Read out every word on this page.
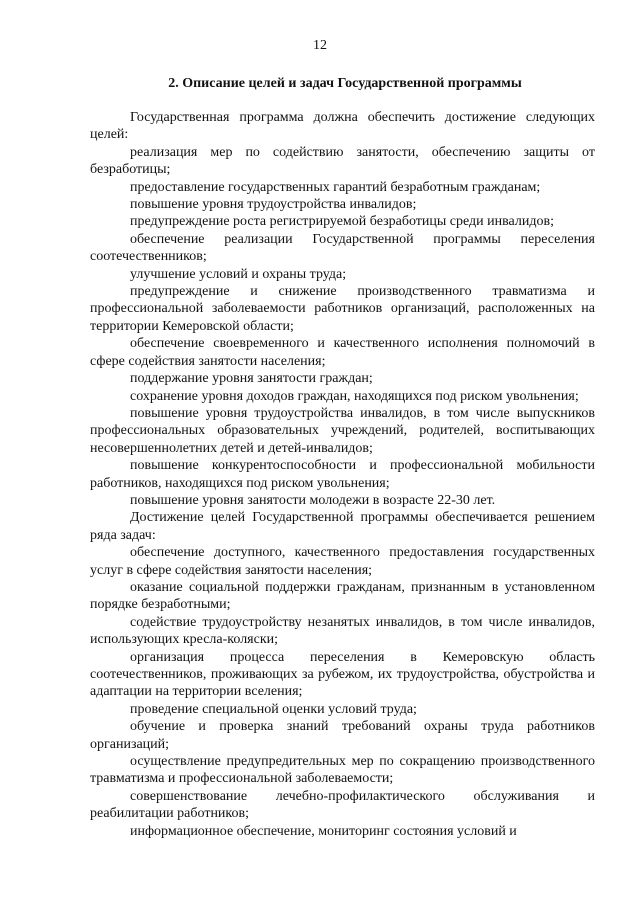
12
2. Описание целей и задач Государственной программы

Государственная программа должна обеспечить достижение следующих целей:

реализация мер по содействию занятости, обеспечению защиты от безработицы;

предоставление государственных гарантий безработным гражданам;

повышение уровня трудоустройства инвалидов;

предупреждение роста регистрируемой безработицы среди инвалидов;

обеспечение реализации Государственной программы переселения соотечественников;

улучшение условий и охраны труда;

предупреждение и снижение производственного травматизма и профессиональной заболеваемости работников организаций, расположенных на территории Кемеровской области;

обеспечение своевременного и качественного исполнения полномочий в сфере содействия занятости населения;

поддержание уровня занятости граждан;

сохранение уровня доходов граждан, находящихся под риском увольнения;

повышение уровня трудоустройства инвалидов, в том числе выпускников профессиональных образовательных учреждений, родителей, воспитывающих несовершеннолетних детей и детей-инвалидов;

повышение конкурентоспособности и профессиональной мобильности работников, находящихся под риском увольнения;

повышение уровня занятости молодежи в возрасте 22-30 лет.

Достижение целей Государственной программы обеспечивается решением ряда задач:

обеспечение доступного, качественного предоставления государственных услуг в сфере содействия занятости населения;

оказание социальной поддержки гражданам, признанным в установленном порядке безработными;

содействие трудоустройству незанятых инвалидов, в том числе инвалидов, использующих кресла-коляски;

организация процесса переселения в Кемеровскую область соотечественников, проживающих за рубежом, их трудоустройства, обустройства и адаптации на территории вселения;

проведение специальной оценки условий труда;

обучение и проверка знаний требований охраны труда работников организаций;

осуществление предупредительных мер по сокращению производственного травматизма и профессиональной заболеваемости;

совершенствование лечебно-профилактического обслуживания и реабилитации работников;

информационное обеспечение, мониторинг состояния условий и
